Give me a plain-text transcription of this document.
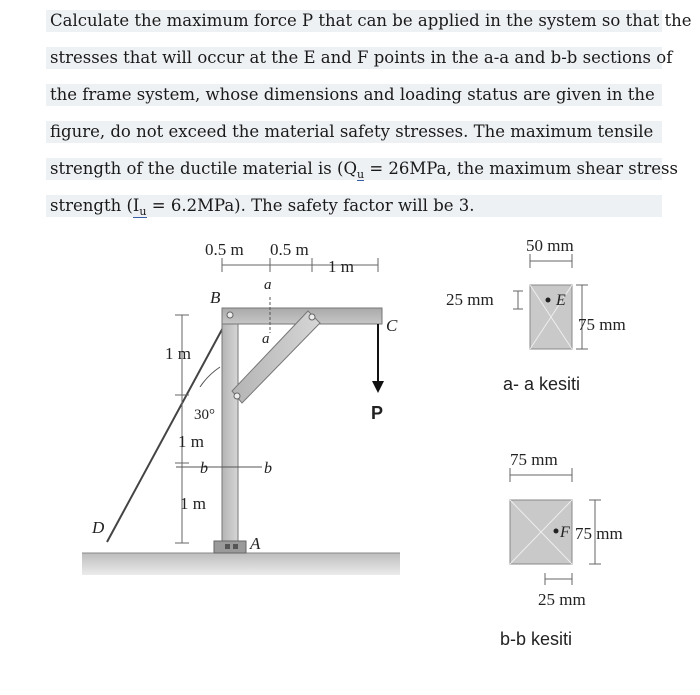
Calculate the maximum force P that can be applied in the system so that the
stresses that will occur at the E and F points in the a-a and b-b sections of
the frame system, whose dimensions and loading status are given in the
figure, do not exceed the material safety stresses. The maximum tensile
strength of the ductile material is ($Q_u = 26MPa$, the maximum shear stress
strength $(I_u = 6.2MPa)$. The safety factor will be 3.
0.5 m 0.5 m
1 m
a
a
B
C
D
A
P
1 m
1 m
1 m
30°
b	b
50 mm
E
75 mm
25 mm
a- a kesiti
75 mm
F 75 mm
25 mm
b-b kesiti
